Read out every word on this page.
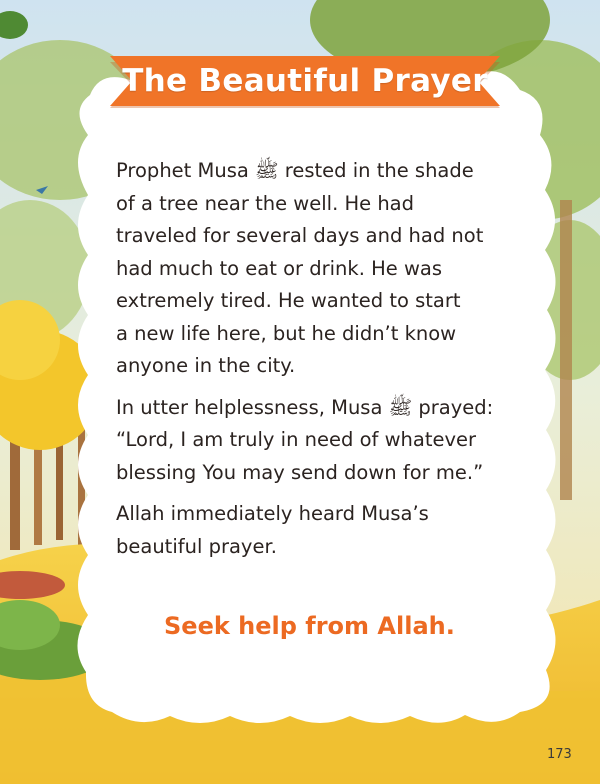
The Beautiful Prayer

Prophet Musa ﷺ rested in the shade
of a tree near the well. He had
traveled for several days and had not
had much to eat or drink. He was
extremely tired. He wanted to start
a new life here, but he didn’t know
anyone in the city.

In utter helplessness, Musa ﷺ prayed:
“Lord, I am truly in need of whatever
blessing You may send down for me.”

Allah immediately heard Musa’s
beautiful prayer.

Seek help from Allah.
173
